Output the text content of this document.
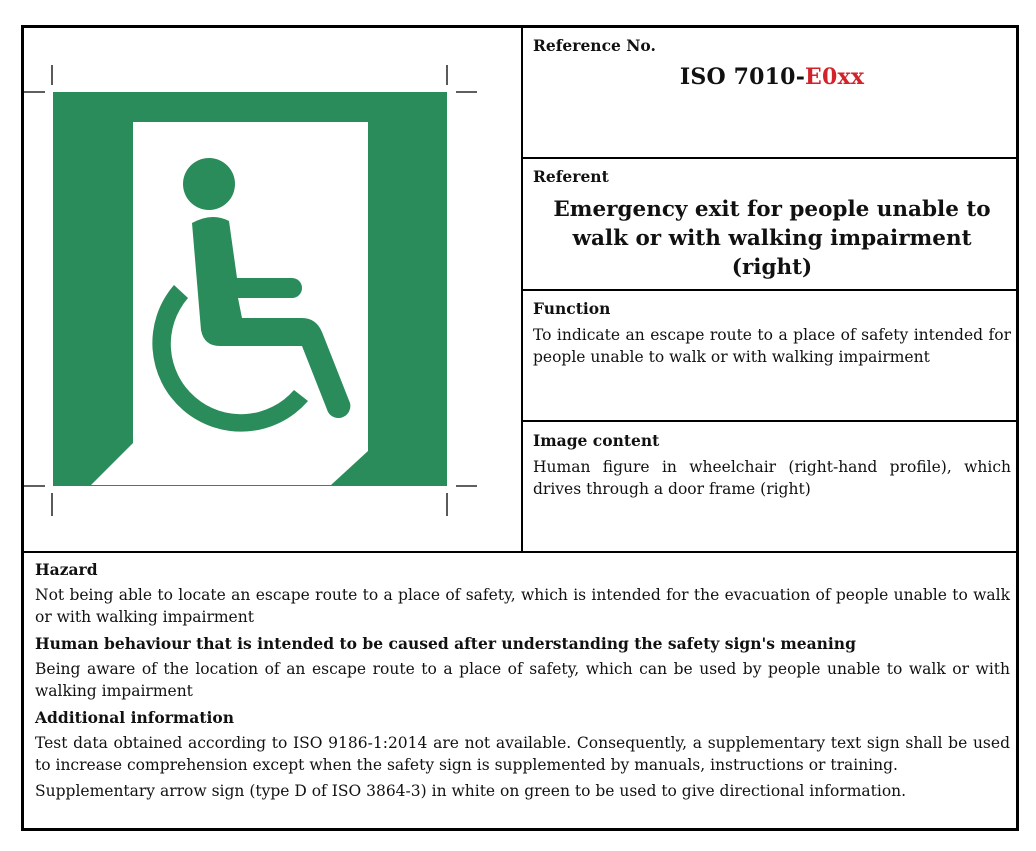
Reference No.
ISO 7010-E0xx
Referent
Emergency exit for people unable to walk or with walking impairment (right)
Function
To indicate an escape route to a place of safety intended for people unable to walk or with walking impairment
Image content
Human figure in wheelchair (right-hand profile), which drives through a door frame (right)
Hazard
Not being able to locate an escape route to a place of safety, which is intended for the evacuation of people unable to walk or with walking impairment
Human behaviour that is intended to be caused after understanding the safety sign's meaning
Being aware of the location of an escape route to a place of safety, which can be used by people unable to walk or with walking impairment
Additional information
Test data obtained according to ISO 9186-1:2014 are not available. Consequently, a supplementary text sign shall be used to increase comprehension except when the safety sign is supplemented by manuals, instructions or training.
Supplementary arrow sign (type D of ISO 3864-3) in white on green to be used to give directional information.
